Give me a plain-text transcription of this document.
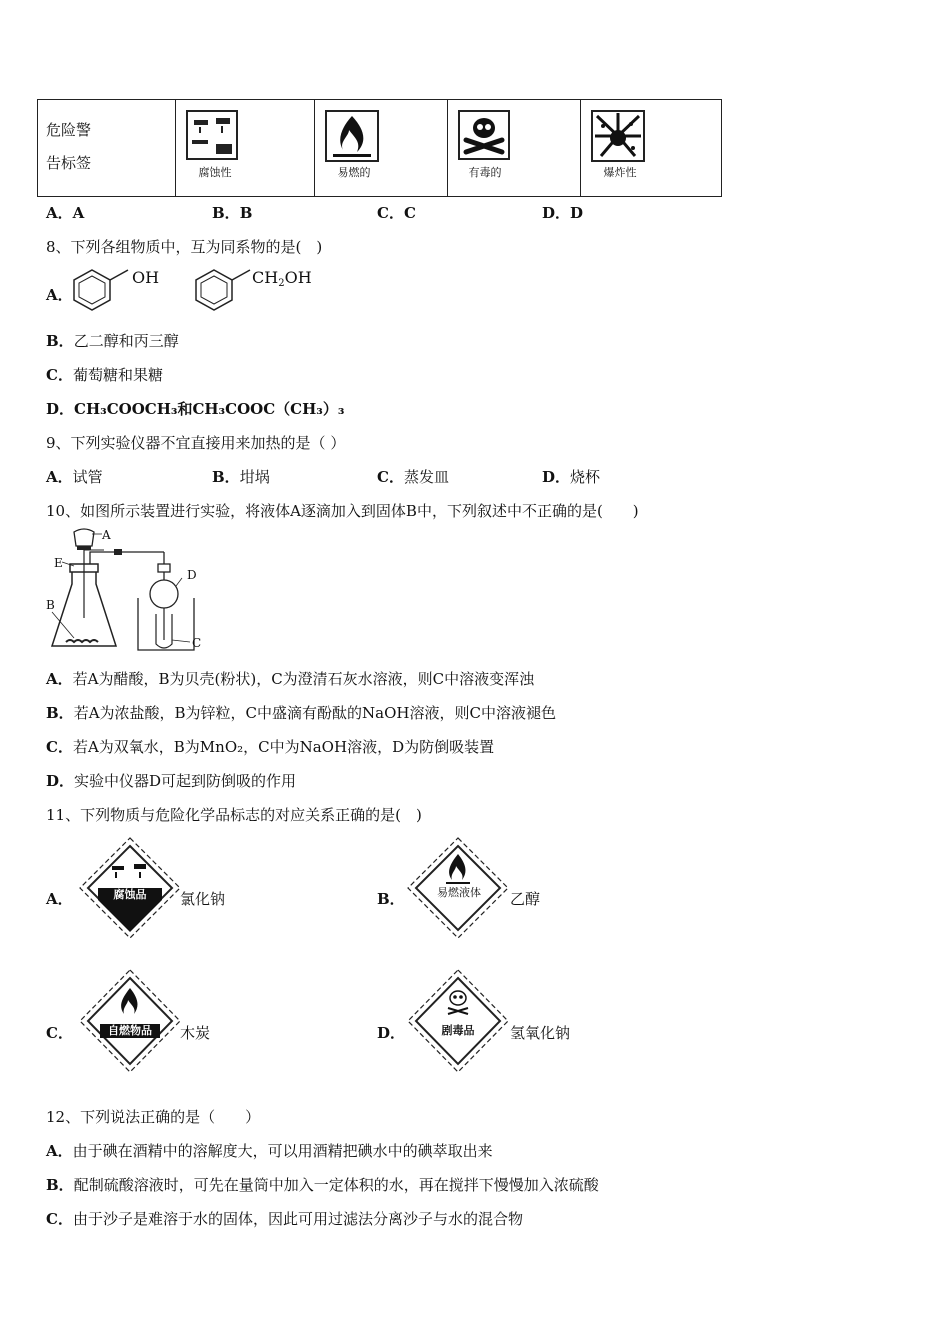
危险警
告标签

腐蚀性	易燃的	有毒的	爆炸性
A．A	B．B	C．C	D．D
8、下列各组物质中，互为同系物的是(　)
A．
OH	$CH_2OH$
B．乙二醇和丙三醇
C．葡萄糖和果糖
D．CH₃COOCH₃和CH₃COOC（CH₃）₃
9、下列实验仪器不宜直接用来加热的是（ ）
A．试管	B．坩埚	C．蒸发皿	D．烧杯
10、如图所示装置进行实验，将液体A逐滴加入到固体B中，下列叙述中不正确的是(　　)
A
E
D
B
C
A．若A为醋酸，B为贝壳(粉状)，C为澄清石灰水溶液，则C中溶液变浑浊
B．若A为浓盐酸，B为锌粒，C中盛滴有酚酞的NaOH溶液，则C中溶液褪色
C．若A为双氧水，B为MnO₂，C中为NaOH溶液，D为防倒吸装置
D．实验中仪器D可起到防倒吸的作用
11、下列物质与危险化学品标志的对应关系正确的是(　)
A．	腐蚀品 氯化钠	B．	易燃液体	乙醇
C．	自燃物品 木炭	D．	剧毒品 氢氧化钠
12、下列说法正确的是（　　）
A．由于碘在酒精中的溶解度大，可以用酒精把碘水中的碘萃取出来
B．配制硫酸溶液时，可先在量筒中加入一定体积的水，再在搅拌下慢慢加入浓硫酸
C．由于沙子是难溶于水的固体，因此可用过滤法分离沙子与水的混合物
